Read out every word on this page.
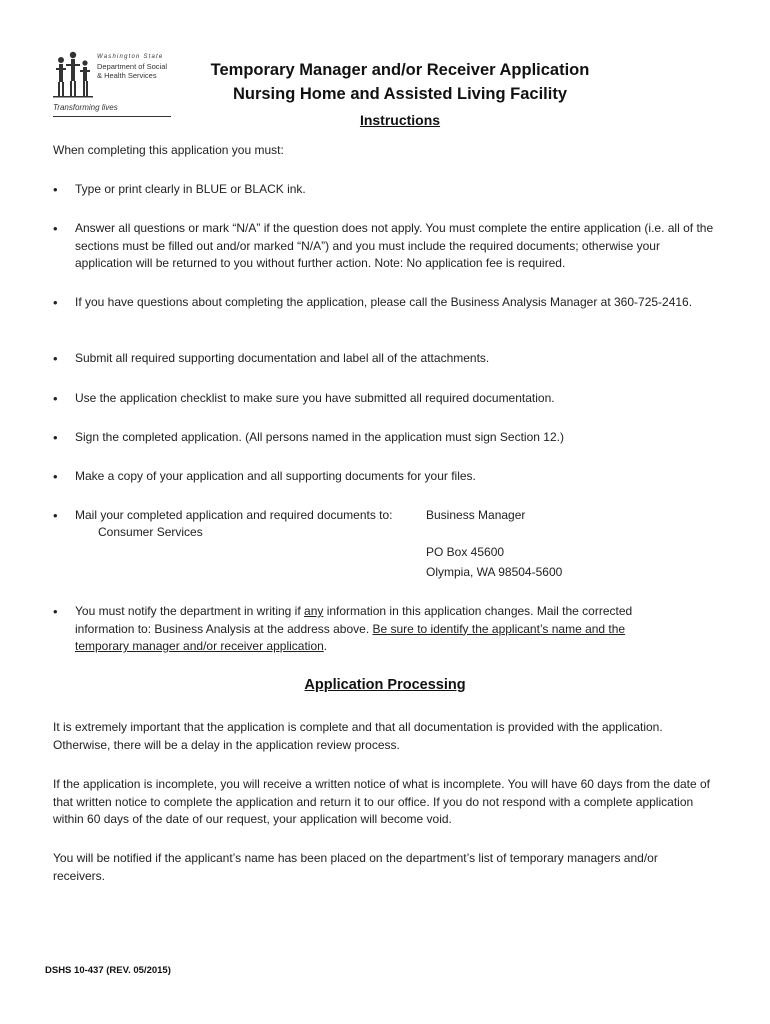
Washington State
Department of Social
& Health Services
Transforming lives
Temporary Manager and/or Receiver Application
Nursing Home and Assisted Living Facility
Instructions
When completing this application you must:
• Type or print clearly in BLUE or BLACK ink.
• Answer all questions or mark “N/A” if the question does not apply. You must complete the entire application (i.e. all of the sections must be filled out and/or marked “N/A”) and you must include the required documents; otherwise your application will be returned to you without further action. Note: No application fee is required.
• If you have questions about completing the application, please call the Business Analysis Manager at 360-725-2416.
• Submit all required supporting documentation and label all of the attachments.
• Use the application checklist to make sure you have submitted all required documentation.
• Sign the completed application. (All persons named in the application must sign Section 12.)
• Make a copy of your application and all supporting documents for your files.
• Mail your completed application and required documents to:	Business Manager
Consumer Services
PO Box 45600
Olympia, WA 98504-5600
• You must notify the department in writing if any information in this application changes. Mail the corrected information to: Business Analysis at the address above. Be sure to identify the applicant’s name and the temporary manager and/or receiver application.
Application Processing
It is extremely important that the application is complete and that all documentation is provided with the application. Otherwise, there will be a delay in the application review process.
If the application is incomplete, you will receive a written notice of what is incomplete. You will have 60 days from the date of that written notice to complete the application and return it to our office. If you do not respond with a complete application within 60 days of the date of our request, your application will become void.
You will be notified if the applicant’s name has been placed on the department’s list of temporary managers and/or receivers.
DSHS 10-437 (REV. 05/2015)
